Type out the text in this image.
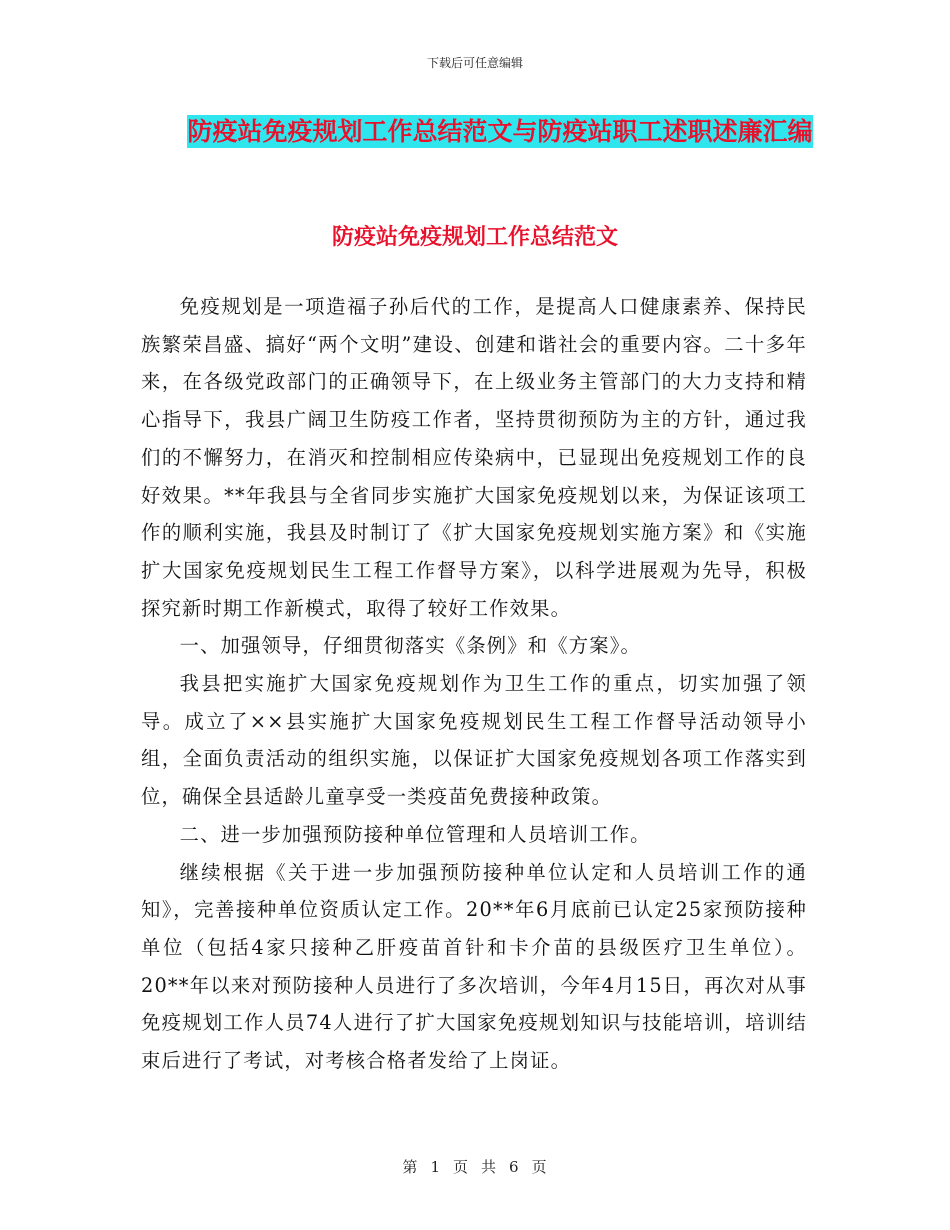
下载后可任意编辑
防疫站免疫规划工作总结范文与防疫站职工述职述廉汇编
防疫站免疫规划工作总结范文

免疫规划是一项造福子孙后代的工作，是提高人口健康素养、保持民族繁荣昌盛、搞好“两个文明”建设、创建和谐社会的重要内容。二十多年来，在各级党政部门的正确领导下，在上级业务主管部门的大力支持和精心指导下，我县广阔卫生防疫工作者，坚持贯彻预防为主的方针，通过我们的不懈努力，在消灭和控制相应传染病中，已显现出免疫规划工作的良好效果。**年我县与全省同步实施扩大国家免疫规划以来，为保证该项工作的顺利实施，我县及时制订了《扩大国家免疫规划实施方案》和《实施扩大国家免疫规划民生工程工作督导方案》，以科学进展观为先导，积极探究新时期工作新模式，取得了较好工作效果。

一、加强领导，仔细贯彻落实《条例》和《方案》。

我县把实施扩大国家免疫规划作为卫生工作的重点，切实加强了领导。成立了××县实施扩大国家免疫规划民生工程工作督导活动领导小组，全面负责活动的组织实施，以保证扩大国家免疫规划各项工作落实到位，确保全县适龄儿童享受一类疫苗免费接种政策。

二、进一步加强预防接种单位管理和人员培训工作。

继续根据《关于进一步加强预防接种单位认定和人员培训工作的通知》，完善接种单位资质认定工作。20**年6月底前已认定25家预防接种单位（包括4家只接种乙肝疫苗首针和卡介苗的县级医疗卫生单位）。20**年以来对预防接种人员进行了多次培训，今年4月15日，再次对从事免疫规划工作人员74人进行了扩大国家免疫规划知识与技能培训，培训结束后进行了考试，对考核合格者发给了上岗证。

第 1 页 共 6 页
